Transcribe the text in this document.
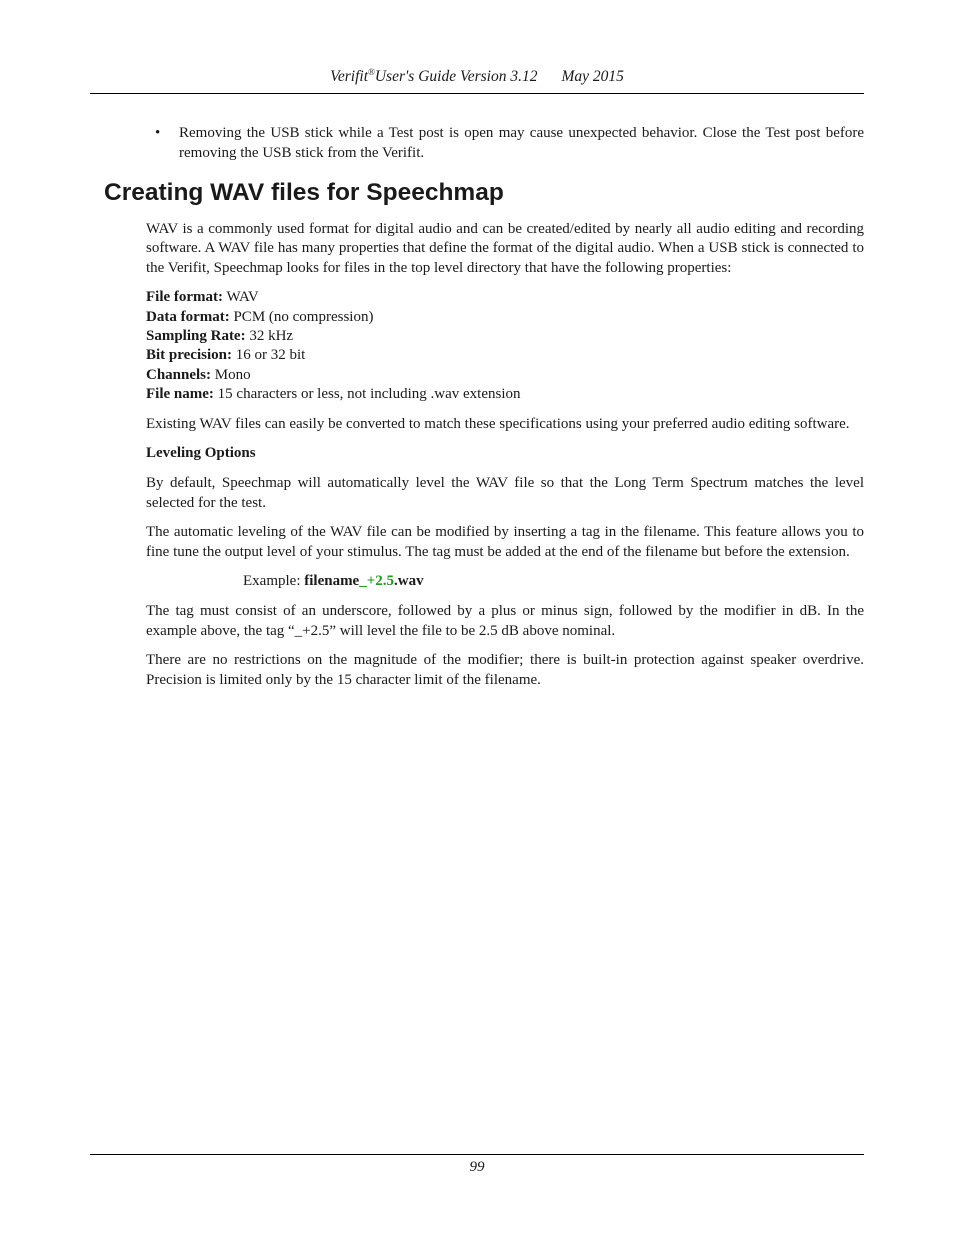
Verifit®User's Guide Version 3.12 May 2015
• Removing the USB stick while a Test post is open may cause unexpected behavior. Close the Test post before removing the USB stick from the Verifit.
Creating WAV files for Speechmap

WAV is a commonly used format for digital audio and can be created/edited by nearly all audio editing and recording software. A WAV file has many properties that define the format of the digital audio. When a USB stick is connected to the Verifit, Speechmap looks for files in the top level directory that have the following properties:

File format: WAV
Data format: PCM (no compression)
Sampling Rate: 32 kHz
Bit precision: 16 or 32 bit
Channels: Mono
File name: 15 characters or less, not including .wav extension

Existing WAV files can easily be converted to match these specifications using your preferred audio editing software.

Leveling Options

By default, Speechmap will automatically level the WAV file so that the Long Term Spectrum matches the level selected for the test.

The automatic leveling of the WAV file can be modified by inserting a tag in the filename. This feature allows you to fine tune the output level of your stimulus. The tag must be added at the end of the filename but before the extension.

Example: filename_+2.5.wav

The tag must consist of an underscore, followed by a plus or minus sign, followed by the modifier in dB. In the example above, the tag “_+2.5” will level the file to be 2.5 dB above nominal.

There are no restrictions on the magnitude of the modifier; there is built-in protection against speaker overdrive. Precision is limited only by the 15 character limit of the filename.

99
